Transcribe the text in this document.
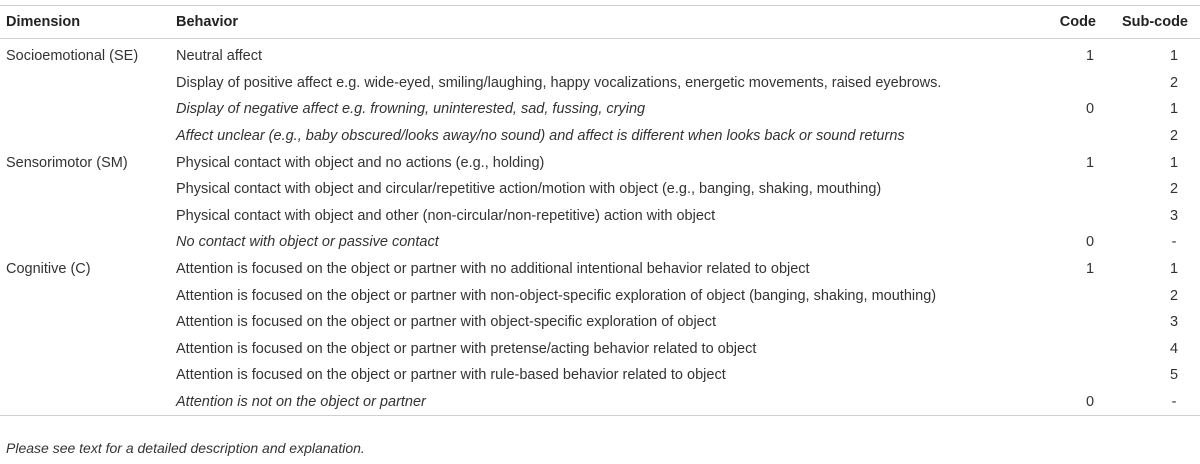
Dimension	Behavior	Code	Sub-code
Socioemotional (SE)	Neutral affect	1	1
	Display of positive affect e.g. wide-eyed, smiling/laughing, happy vocalizations, energetic movements, raised eyebrows.		2
	Display of negative affect e.g. frowning, uninterested, sad, fussing, crying	0	1
	Affect unclear (e.g., baby obscured/looks away/no sound) and affect is different when looks back or sound returns		2
Sensorimotor (SM)	Physical contact with object and no actions (e.g., holding)	1	1
	Physical contact with object and circular/repetitive action/motion with object (e.g., banging, shaking, mouthing)		2
	Physical contact with object and other (non-circular/non-repetitive) action with object		3
	No contact with object or passive contact	0	-
Cognitive (C)	Attention is focused on the object or partner with no additional intentional behavior related to object	1	1
	Attention is focused on the object or partner with non-object-specific exploration of object (banging, shaking, mouthing)		2
	Attention is focused on the object or partner with object-specific exploration of object		3
	Attention is focused on the object or partner with pretense/acting behavior related to object		4
	Attention is focused on the object or partner with rule-based behavior related to object		5
	Attention is not on the object or partner	0	-
Please see text for a detailed description and explanation.
